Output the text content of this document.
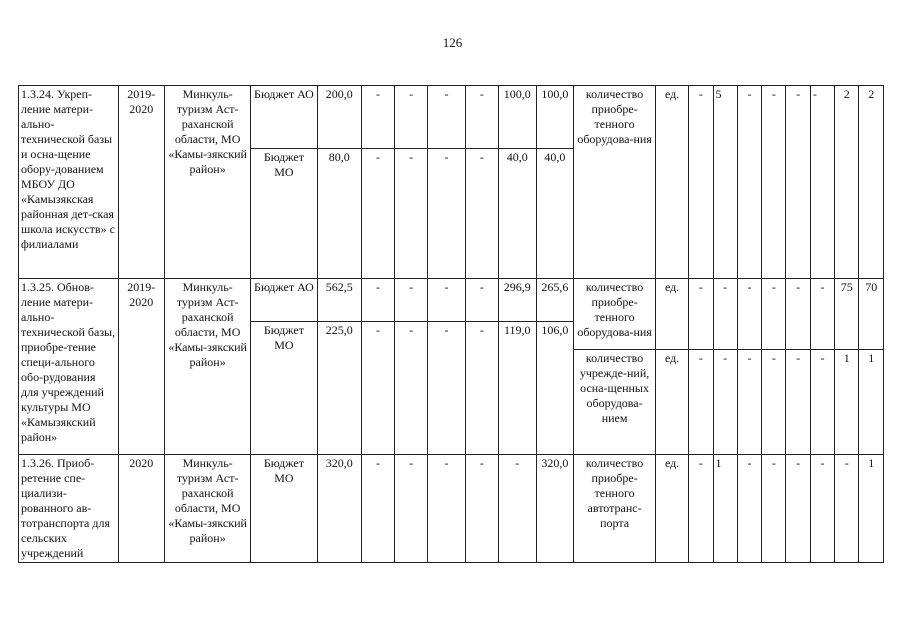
126
1.3.24. Укреп-ление матери-ально-технической базы и осна-щение обору-дованием МБОУ ДО «Камызякская районная дет-ская школа искусств» с филиалами	2019-2020	Минкуль-туризм Аст-раханской области, МО «Камы-зякский район»	Бюджет АО	200,0	-	-	-	-	100,0	100,0	количество приобре-тенного оборудова-ния	ед.	-	5	-	-	-	-	2	2
			Бюджет МО	80,0	-	-	-	-	40,0	40,0										
1.3.25. Обнов-ление матери-ально-технической базы, приобре-тение специ-ального обо-рудования для учреждений культуры МО «Камызякский район»	2019-2020	Минкуль-туризм Аст-раханской области, МО «Камы-зякский район»	Бюджет АО	562,5	-	-	-	-	296,9	265,6	количество приобре-тенного оборудова-ния	ед.	-	-	-	-	-	-	75	70
			Бюджет МО	225,0	-	-	-	-	119,0	106,0										
											количество учрежде-ний, осна-щенных оборудова-нием	ед.	-	-	-	-	-	-	1	1
1.3.26. Приоб-ретение спе-циализи-рованного ав-тотранспорта для сельских учреждений	2020	Минкуль-туризм Аст-раханской области, МО «Камы-зякский район»	Бюджет МО	320,0	-	-	-	-	-	320,0	количество приобре-тенного автотранс-порта	ед.	-	1	-	-	-	-	-	1
